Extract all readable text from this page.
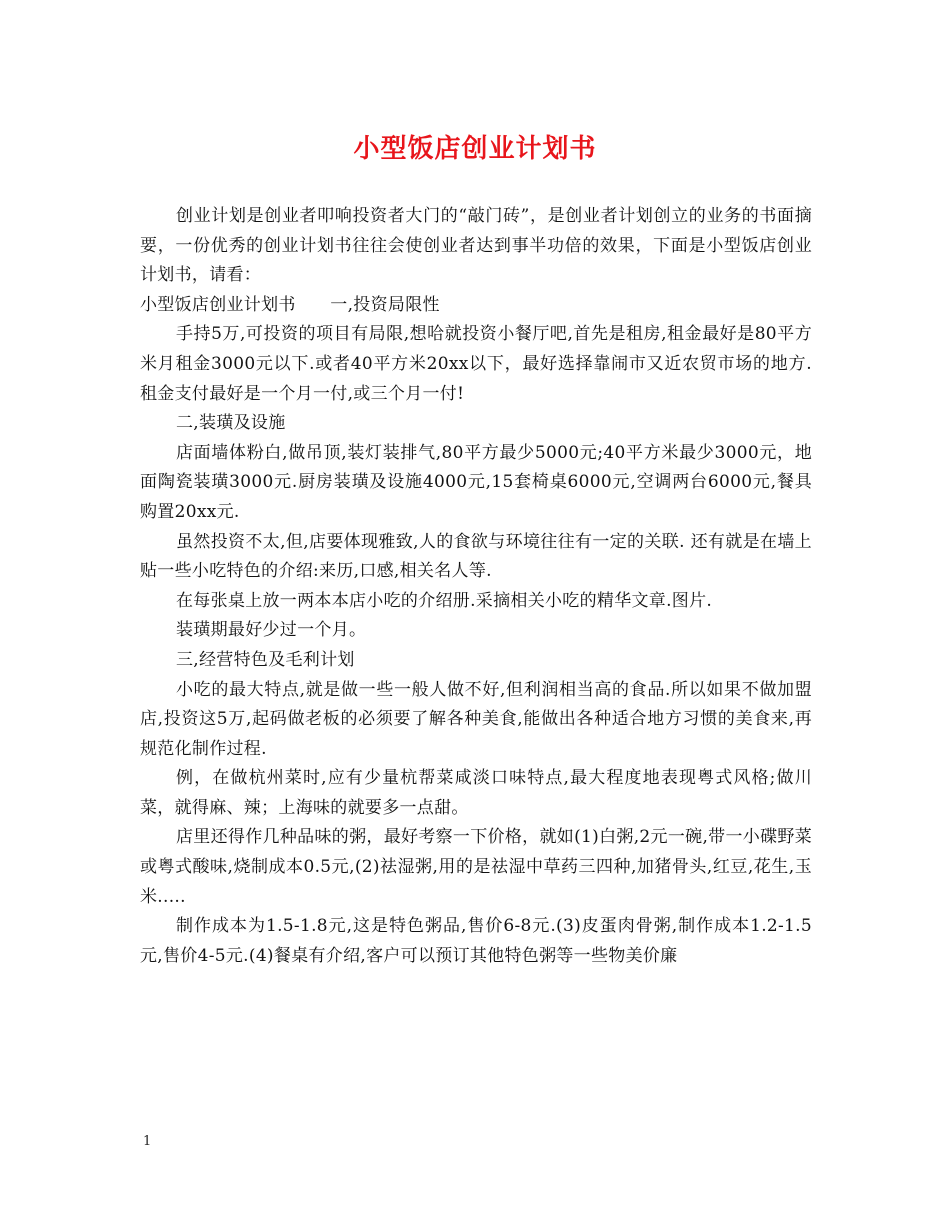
小型饭店创业计划书

创业计划是创业者叩响投资者大门的“敲门砖”，是创业者计划创立的业务的书面摘要，一份优秀的创业计划书往往会使创业者达到事半功倍的效果，下面是小型饭店创业计划书，请看：

小型饭店创业计划书　　一,投资局限性

手持5万,可投资的项目有局限,想哈就投资小餐厅吧,首先是租房,租金最好是80平方米月租金3000元以下.或者40平方米20xx以下，最好选择靠闹市又近农贸市场的地方.租金支付最好是一个月一付,或三个月一付!

二,装璜及设施

店面墙体粉白,做吊顶,装灯装排气,80平方最少5000元;40平方米最少3000元，地面陶瓷装璜3000元.厨房装璜及设施4000元,15套椅桌6000元,空调两台6000元,餐具购置20xx元.

虽然投资不太,但,店要体现雅致,人的食欲与环境往往有一定的关联. 还有就是在墙上贴一些小吃特色的介绍:来历,口感,相关名人等.

在每张桌上放一两本本店小吃的介绍册.采摘相关小吃的精华文章.图片.

装璜期最好少过一个月。

三,经营特色及毛利计划

小吃的最大特点,就是做一些一般人做不好,但利润相当高的食品.所以如果不做加盟店,投资这5万,起码做老板的必须要了解各种美食,能做出各种适合地方习惯的美食来,再规范化制作过程.

例，在做杭州菜时,应有少量杭帮菜咸淡口味特点,最大程度地表现粤式风格;做川菜，就得麻、辣；上海味的就要多一点甜。

店里还得作几种品味的粥，最好考察一下价格，就如(1)白粥,2元一碗,带一小碟野菜或粤式酸味,烧制成本0.5元,(2)祛湿粥,用的是祛湿中草药三四种,加猪骨头,红豆,花生,玉米.....

制作成本为1.5-1.8元,这是特色粥品,售价6-8元.(3)皮蛋肉骨粥,制作成本1.2-1.5元,售价4-5元.(4)餐桌有介绍,客户可以预订其他特色粥等一些物美价廉

1
